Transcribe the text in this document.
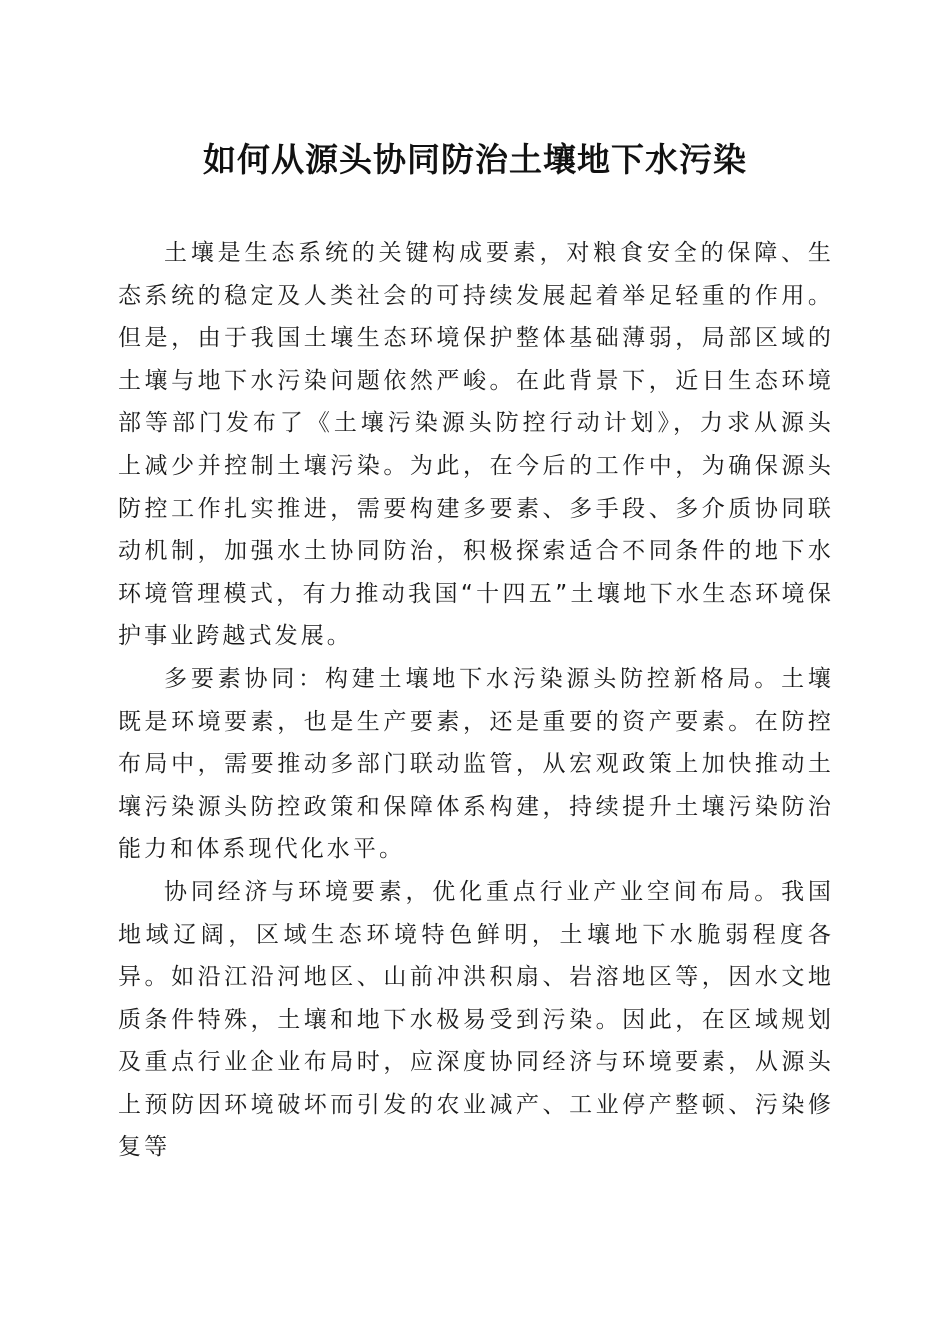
如何从源头协同防治土壤地下水污染

土壤是生态系统的关键构成要素，对粮食安全的保障、生态系统的稳定及人类社会的可持续发展起着举足轻重的作用。但是，由于我国土壤生态环境保护整体基础薄弱，局部区域的土壤与地下水污染问题依然严峻。在此背景下，近日生态环境部等部门发布了《土壤污染源头防控行动计划》，力求从源头上减少并控制土壤污染。为此，在今后的工作中，为确保源头防控工作扎实推进，需要构建多要素、多手段、多介质协同联动机制，加强水土协同防治，积极探索适合不同条件的地下水环境管理模式，有力推动我国“十四五”土壤地下水生态环境保护事业跨越式发展。

多要素协同：构建土壤地下水污染源头防控新格局。土壤既是环境要素，也是生产要素，还是重要的资产要素。在防控布局中，需要推动多部门联动监管，从宏观政策上加快推动土壤污染源头防控政策和保障体系构建，持续提升土壤污染防治能力和体系现代化水平。

协同经济与环境要素，优化重点行业产业空间布局。我国地域辽阔，区域生态环境特色鲜明，土壤地下水脆弱程度各异。如沿江沿河地区、山前冲洪积扇、岩溶地区等，因水文地质条件特殊，土壤和地下水极易受到污染。因此，在区域规划及重点行业企业布局时，应深度协同经济与环境要素，从源头上预防因环境破坏而引发的农业减产、工业停产整顿、污染修复等
